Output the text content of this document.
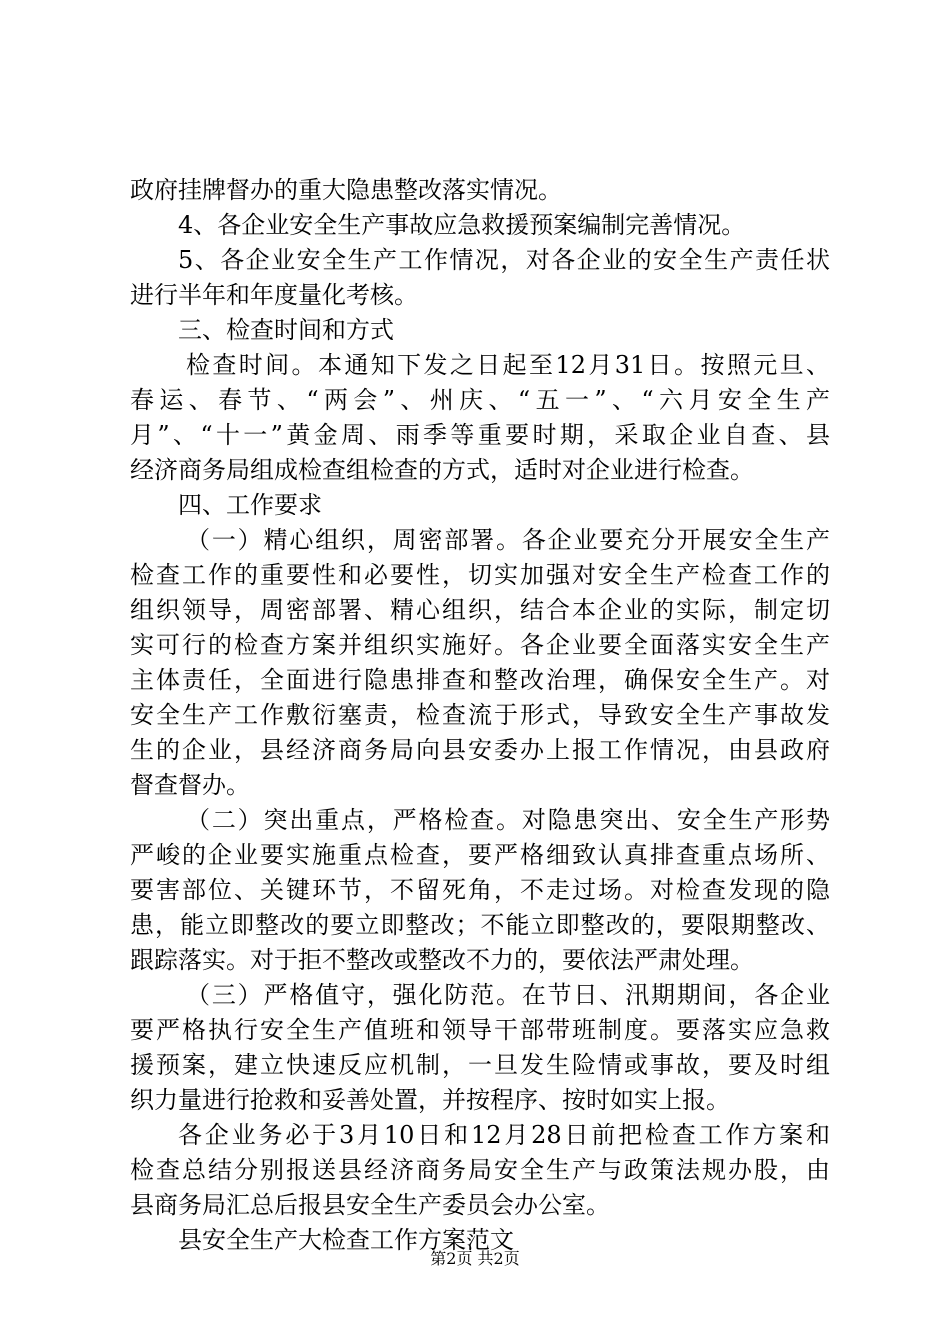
政府挂牌督办的重大隐患整改落实情况。
4、各企业安全生产事故应急救援预案编制完善情况。
5、各企业安全生产工作情况，对各企业的安全生产责任状
进行半年和年度量化考核。
三、检查时间和方式
检查时间。本通知下发之日起至12月31日。按照元旦、
春运、春节、“两会”、州庆、“五一”、“六月安全生产
月”、“十一”黄金周、雨季等重要时期，采取企业自查、县
经济商务局组成检查组检查的方式，适时对企业进行检查。
四、工作要求
（一）精心组织，周密部署。各企业要充分开展安全生产
检查工作的重要性和必要性，切实加强对安全生产检查工作的
组织领导，周密部署、精心组织，结合本企业的实际，制定切
实可行的检查方案并组织实施好。各企业要全面落实安全生产
主体责任，全面进行隐患排查和整改治理，确保安全生产。对
安全生产工作敷衍塞责，检查流于形式，导致安全生产事故发
生的企业，县经济商务局向县安委办上报工作情况，由县政府
督查督办。
（二）突出重点，严格检查。对隐患突出、安全生产形势
严峻的企业要实施重点检查，要严格细致认真排查重点场所、
要害部位、关键环节，不留死角，不走过场。对检查发现的隐
患，能立即整改的要立即整改；不能立即整改的，要限期整改、
跟踪落实。对于拒不整改或整改不力的，要依法严肃处理。
（三）严格值守，强化防范。在节日、汛期期间，各企业
要严格执行安全生产值班和领导干部带班制度。要落实应急救
援预案，建立快速反应机制，一旦发生险情或事故，要及时组
织力量进行抢救和妥善处置，并按程序、按时如实上报。
各企业务必于3月10日和12月28日前把检查工作方案和
检查总结分别报送县经济商务局安全生产与政策法规办股，由
县商务局汇总后报县安全生产委员会办公室。
县安全生产大检查工作方案范文
第2页 共2页
